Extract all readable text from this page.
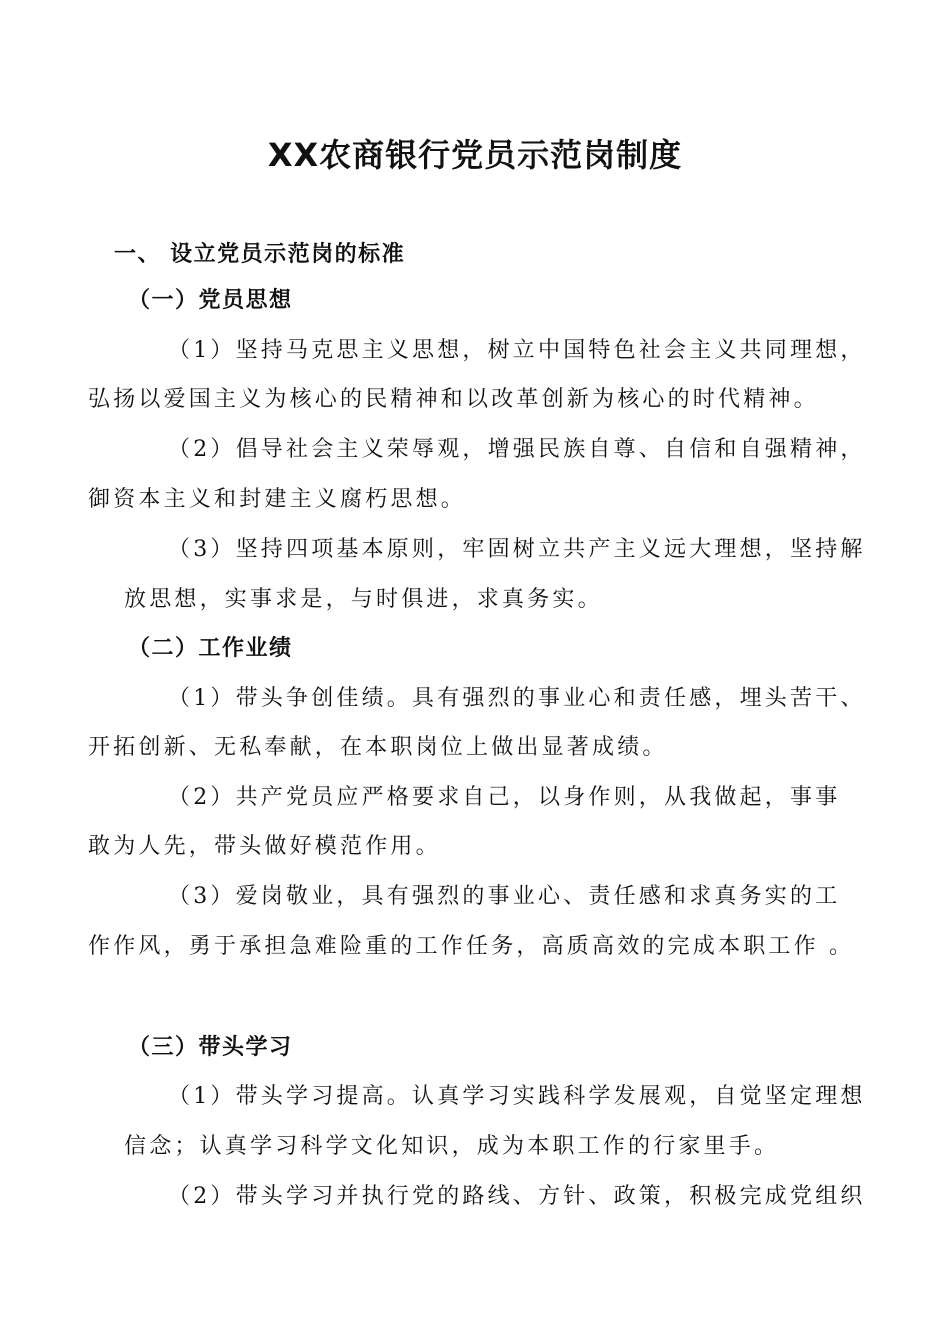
XX农商银行党员示范岗制度
一、 设立党员示范岗的标准
（一）党员思想
（1）坚持马克思主义思想，树立中国特色社会主义共同理想，
弘扬以爱国主义为核心的民精神和以改革创新为核心的时代精神。
（2）倡导社会主义荣辱观，增强民族自尊、自信和自强精神，
御资本主义和封建主义腐朽思想。
（3）坚持四项基本原则，牢固树立共产主义远大理想，坚持解
放思想，实事求是，与时俱进，求真务实。
（二）工作业绩
（1）带头争创佳绩。具有强烈的事业心和责任感，埋头苦干、
开拓创新、无私奉献，在本职岗位上做出显著成绩。
（2）共产党员应严格要求自己，以身作则，从我做起，事事
敢为人先，带头做好模范作用。
（3）爱岗敬业，具有强烈的事业心、责任感和求真务实的工
作作风，勇于承担急难险重的工作任务，高质高效的完成本职工作 。
（三）带头学习
（1）带头学习提高。认真学习实践科学发展观，自觉坚定理想
信念；认真学习科学文化知识，成为本职工作的行家里手。
（2）带头学习并执行党的路线、方针、政策，积极完成党组织
